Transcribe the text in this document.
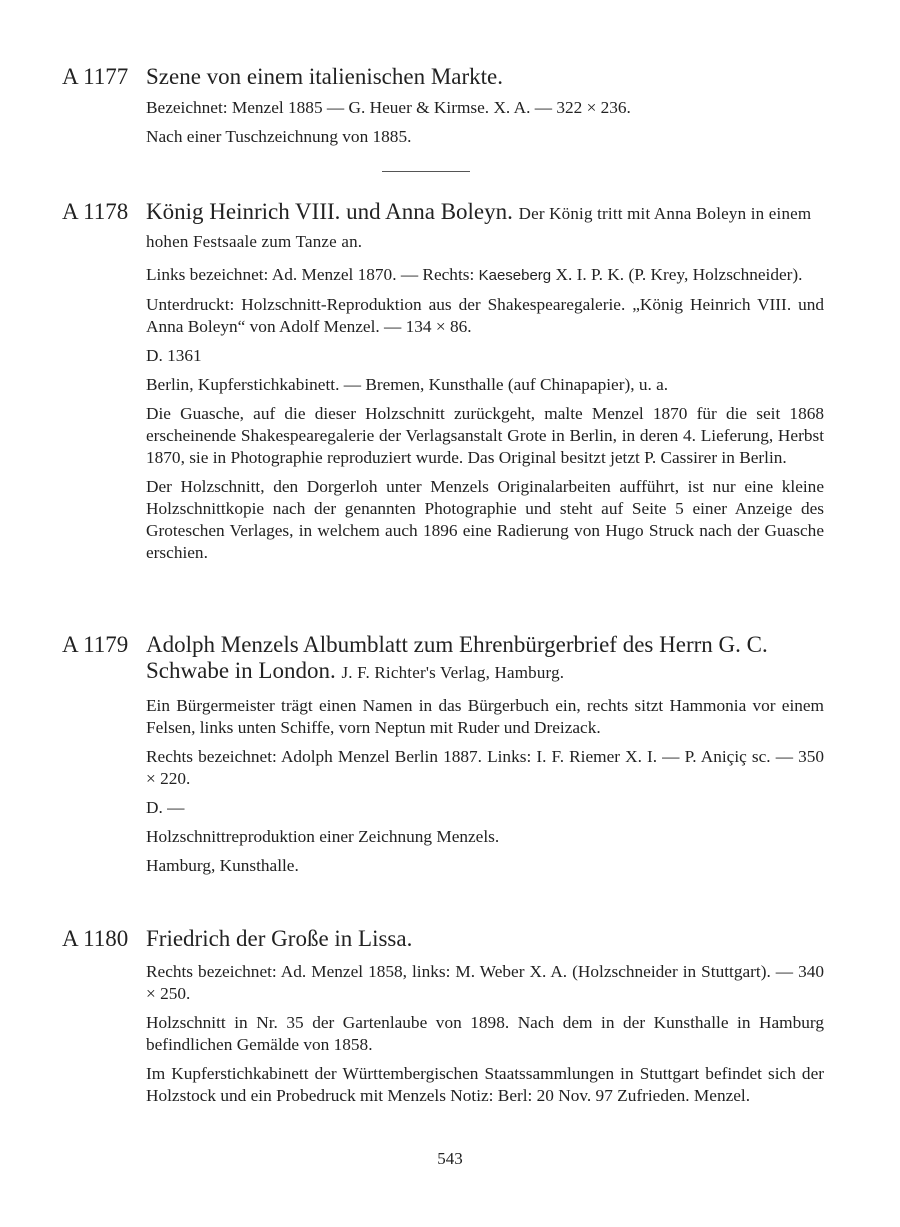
A 1177 Szene von einem italienischen Markte.

Bezeichnet: Menzel 1885 — G. Heuer & Kirmse. X. A. — 322 × 236.

Nach einer Tuschzeichnung von 1885.

A 1178 König Heinrich VIII. und Anna Boleyn. Der König tritt mit Anna Boleyn in einem hohen Festsaale zum Tanze an.

Links bezeichnet: Ad. Menzel 1870. — Rechts: Kaeseberg X. I. P. K. (P. Krey, Holzschneider).

Unterdruckt: Holzschnitt-Reproduktion aus der Shakespearegalerie. „König Heinrich VIII. und Anna Boleyn“ von Adolf Menzel. — 134 × 86.

D. 1361

Berlin, Kupferstichkabinett. — Bremen, Kunsthalle (auf Chinapapier), u. a.

Die Guasche, auf die dieser Holzschnitt zurückgeht, malte Menzel 1870 für die seit 1868 erscheinende Shakespearegalerie der Verlagsanstalt Grote in Berlin, in deren 4. Lieferung, Herbst 1870, sie in Photographie reproduziert wurde. Das Original besitzt jetzt P. Cassirer in Berlin.

Der Holzschnitt, den Dorgerloh unter Menzels Originalarbeiten aufführt, ist nur eine kleine Holzschnittkopie nach der genannten Photographie und steht auf Seite 5 einer Anzeige des Groteschen Verlages, in welchem auch 1896 eine Radierung von Hugo Struck nach der Guasche erschien.

A 1179 Adolph Menzels Albumblatt zum Ehrenbürgerbrief des Herrn G. C. Schwabe in London. J. F. Richter's Verlag, Hamburg.

Ein Bürgermeister trägt einen Namen in das Bürgerbuch ein, rechts sitzt Hammonia vor einem Felsen, links unten Schiffe, vorn Neptun mit Ruder und Dreizack.

Rechts bezeichnet: Adolph Menzel Berlin 1887. Links: I. F. Riemer X. I. — P. Aniçiç sc. — 350 × 220.

D. —

Holzschnittreproduktion einer Zeichnung Menzels.

Hamburg, Kunsthalle.

A 1180 Friedrich der Große in Lissa.

Rechts bezeichnet: Ad. Menzel 1858, links: M. Weber X. A. (Holzschneider in Stuttgart). — 340 × 250.

Holzschnitt in Nr. 35 der Gartenlaube von 1898. Nach dem in der Kunsthalle in Hamburg befindlichen Gemälde von 1858.

Im Kupferstichkabinett der Württembergischen Staatssammlungen in Stuttgart befindet sich der Holzstock und ein Probedruck mit Menzels Notiz: Berl: 20 Nov. 97 Zufrieden. Menzel.

543
